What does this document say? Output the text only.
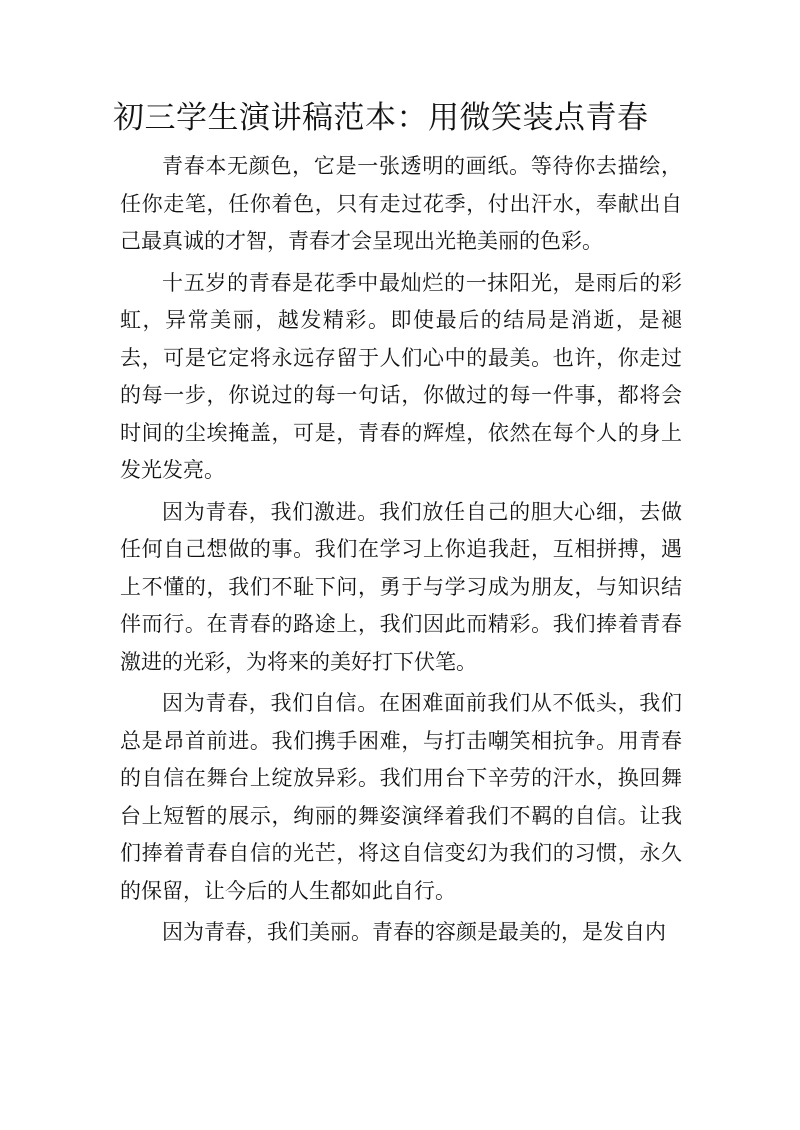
初三学生演讲稿范本：用微笑装点青春

青春本无颜色，它是一张透明的画纸。等待你去描绘，任你走笔，任你着色，只有走过花季，付出汗水，奉献出自己最真诚的才智，青春才会呈现出光艳美丽的色彩。

十五岁的青春是花季中最灿烂的一抹阳光，是雨后的彩虹，异常美丽，越发精彩。即使最后的结局是消逝，是褪去，可是它定将永远存留于人们心中的最美。也许，你走过的每一步，你说过的每一句话，你做过的每一件事，都将会时间的尘埃掩盖，可是，青春的辉煌，依然在每个人的身上发光发亮。

因为青春，我们激进。我们放任自己的胆大心细，去做任何自己想做的事。我们在学习上你追我赶，互相拼搏，遇上不懂的，我们不耻下问，勇于与学习成为朋友，与知识结伴而行。在青春的路途上，我们因此而精彩。我们捧着青春激进的光彩，为将来的美好打下伏笔。

因为青春，我们自信。在困难面前我们从不低头，我们总是昂首前进。我们携手困难，与打击嘲笑相抗争。用青春的自信在舞台上绽放异彩。我们用台下辛劳的汗水，换回舞台上短暂的展示，绚丽的舞姿演绎着我们不羁的自信。让我们捧着青春自信的光芒，将这自信变幻为我们的习惯，永久的保留，让今后的人生都如此自行。

因为青春，我们美丽。青春的容颜是最美的，是发自内
